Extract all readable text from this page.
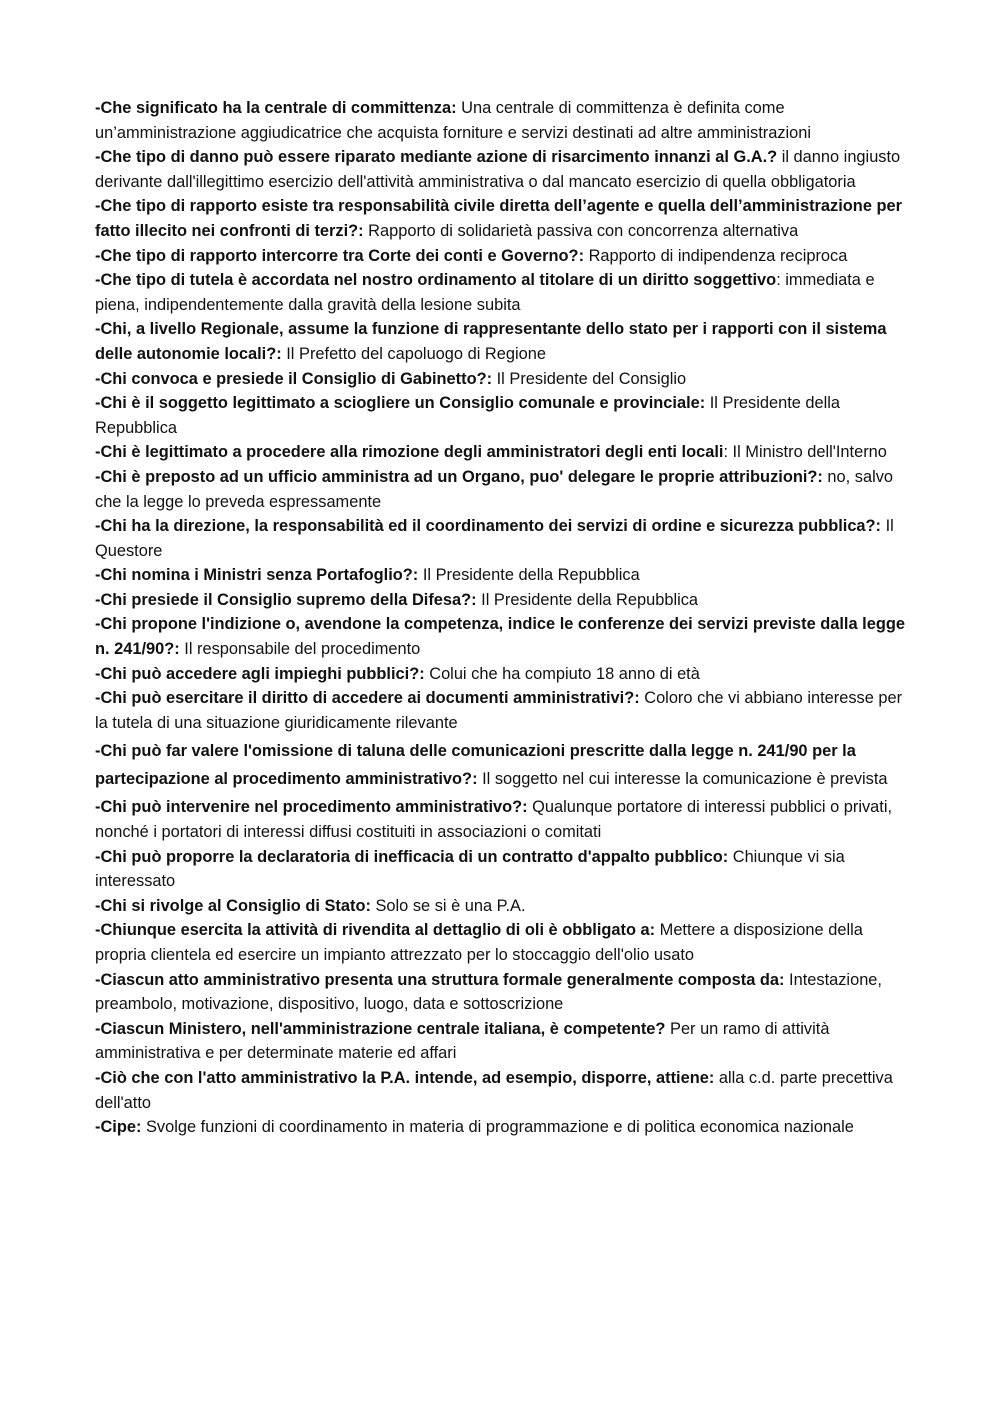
-Che significato ha la centrale di committenza: Una centrale di committenza è definita come un’amministrazione aggiudicatrice che acquista forniture e servizi destinati ad altre amministrazioni

-Che tipo di danno può essere riparato mediante azione di risarcimento innanzi al G.A.? il danno ingiusto derivante dall'illegittimo esercizio dell'attività amministrativa o dal mancato esercizio di quella obbligatoria

-Che tipo di rapporto esiste tra responsabilità civile diretta dell’agente e quella dell’amministrazione per fatto illecito nei confronti di terzi?: Rapporto di solidarietà passiva con concorrenza alternativa

-Che tipo di rapporto intercorre tra Corte dei conti e Governo?: Rapporto di indipendenza reciproca

-Che tipo di tutela è accordata nel nostro ordinamento al titolare di un diritto soggettivo: immediata e piena, indipendentemente dalla gravità della lesione subita

-Chi, a livello Regionale, assume la funzione di rappresentante dello stato per i rapporti con il sistema delle autonomie locali?: Il Prefetto del capoluogo di Regione

-Chi convoca e presiede il Consiglio di Gabinetto?: Il Presidente del Consiglio

-Chi è il soggetto legittimato a sciogliere un Consiglio comunale e provinciale: Il Presidente della Repubblica

-Chi è legittimato a procedere alla rimozione degli amministratori degli enti locali: Il Ministro dell'Interno

-Chi è preposto ad un ufficio amministra ad un Organo, puo' delegare le proprie attribuzioni?: no, salvo che la legge lo preveda espressamente

-Chi ha la direzione, la responsabilità ed il coordinamento dei servizi di ordine e sicurezza pubblica?: Il Questore

-Chi nomina i Ministri senza Portafoglio?: Il Presidente della Repubblica

-Chi presiede il Consiglio supremo della Difesa?: Il Presidente della Repubblica

-Chi propone l'indizione o, avendone la competenza, indice le conferenze dei servizi previste dalla legge n. 241/90?: Il responsabile del procedimento

-Chi può accedere agli impieghi pubblici?: Colui che ha compiuto 18 anno di età

-Chi può esercitare il diritto di accedere ai documenti amministrativi?: Coloro che vi abbiano interesse per la tutela di una situazione giuridicamente rilevante

-Chi può far valere l'omissione di taluna delle comunicazioni prescritte dalla legge n. 241/90 per la partecipazione al procedimento amministrativo?: Il soggetto nel cui interesse la comunicazione è prevista

-Chi può intervenire nel procedimento amministrativo?: Qualunque portatore di interessi pubblici o privati, nonché i portatori di interessi diffusi costituiti in associazioni o comitati

-Chi può proporre la declaratoria di inefficacia di un contratto d'appalto pubblico: Chiunque vi sia interessato

-Chi si rivolge al Consiglio di Stato: Solo se si è una P.A.

-Chiunque esercita la attività di rivendita al dettaglio di oli è obbligato a: Mettere a disposizione della propria clientela ed esercire un impianto attrezzato per lo stoccaggio dell'olio usato

-Ciascun atto amministrativo presenta una struttura formale generalmente composta da: Intestazione, preambolo, motivazione, dispositivo, luogo, data e sottoscrizione

-Ciascun Ministero, nell'amministrazione centrale italiana, è competente? Per un ramo di attività amministrativa e per determinate materie ed affari

-Ciò che con l'atto amministrativo la P.A. intende, ad esempio, disporre, attiene: alla c.d. parte precettiva dell'atto

-Cipe: Svolge funzioni di coordinamento in materia di programmazione e di politica economica nazionale
